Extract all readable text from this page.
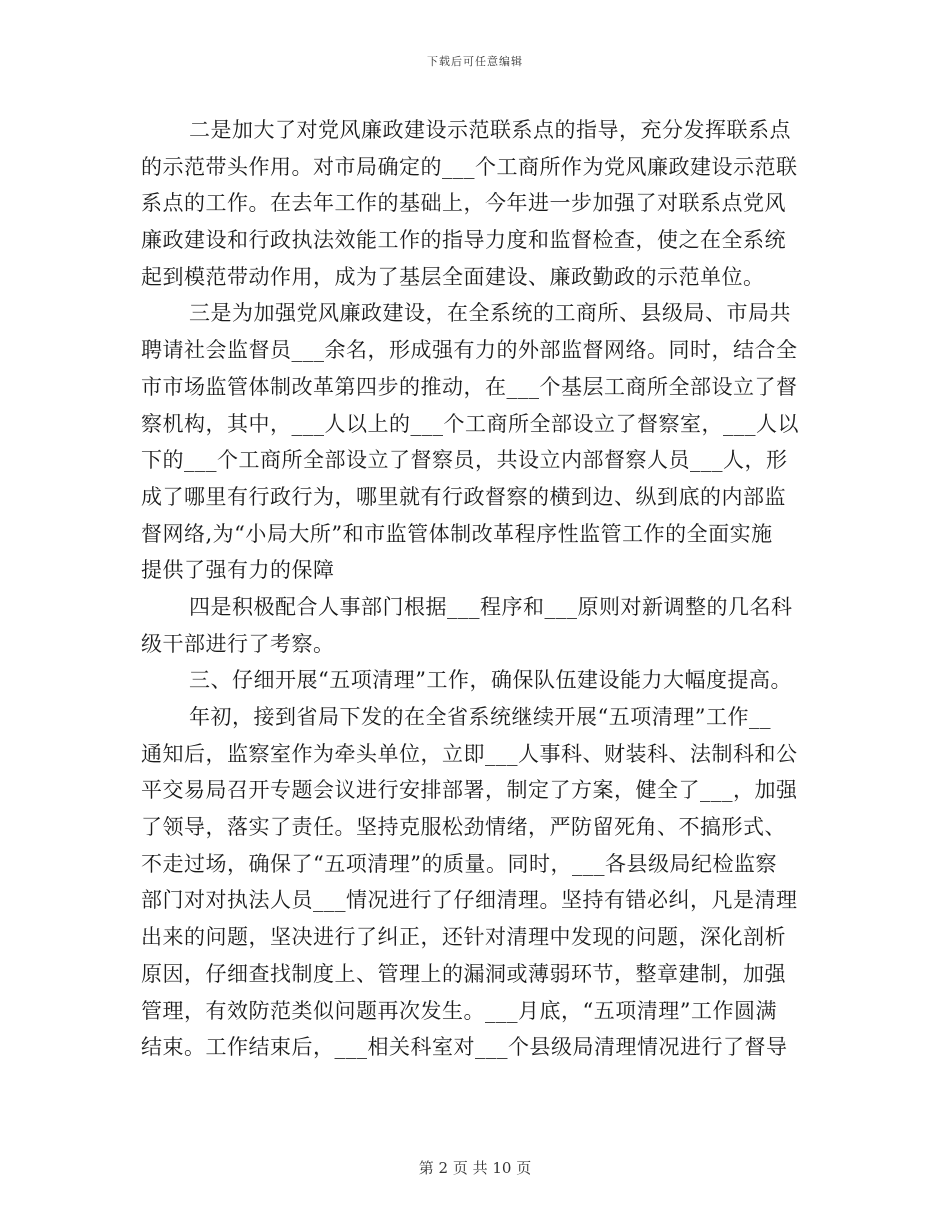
下载后可任意编辑
二是加大了对党风廉政建设示范联系点的指导，充分发挥联系点
的示范带头作用。对市局确定的___个工商所作为党风廉政建设示范联
系点的工作。在去年工作的基础上，今年进一步加强了对联系点党风
廉政建设和行政执法效能工作的指导力度和监督检查，使之在全系统
起到模范带动作用，成为了基层全面建设、廉政勤政的示范单位。
三是为加强党风廉政建设，在全系统的工商所、县级局、市局共
聘请社会监督员___余名，形成强有力的外部监督网络。同时，结合全
市市场监管体制改革第四步的推动，在___个基层工商所全部设立了督
察机构，其中，___人以上的___个工商所全部设立了督察室，___人以
下的___个工商所全部设立了督察员，共设立内部督察人员___人，形
成了哪里有行政行为，哪里就有行政督察的横到边、纵到底的内部监
督网络,为“小局大所”和市监管体制改革程序性监管工作的全面实施
提供了强有力的保障
四是积极配合人事部门根据___程序和___原则对新调整的几名科
级干部进行了考察。
三、仔细开展“五项清理”工作，确保队伍建设能力大幅度提高。
年初，接到省局下发的在全省系统继续开展“五项清理”工作__
通知后，监察室作为牵头单位，立即___人事科、财装科、法制科和公
平交易局召开专题会议进行安排部署，制定了方案，健全了___，加强
了领导，落实了责任。坚持克服松劲情绪，严防留死角、不搞形式、
不走过场，确保了“五项清理”的质量。同时，___各县级局纪检监察
部门对对执法人员___情况进行了仔细清理。坚持有错必纠，凡是清理
出来的问题，坚决进行了纠正，还针对清理中发现的问题，深化剖析
原因，仔细查找制度上、管理上的漏洞或薄弱环节，整章建制，加强
管理，有效防范类似问题再次发生。___月底，“五项清理”工作圆满
结束。工作结束后，___相关科室对___个县级局清理情况进行了督导
第 2 页 共 10 页
